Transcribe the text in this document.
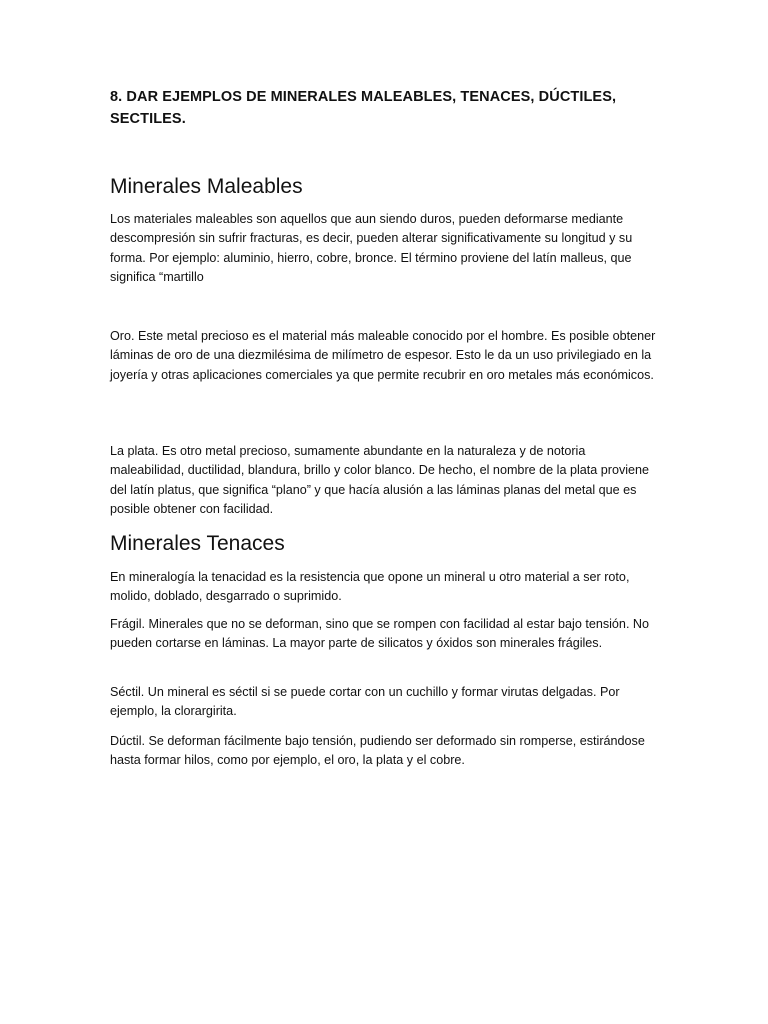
8. DAR EJEMPLOS DE MINERALES MALEABLES, TENACES, DÚCTILES, SECTILES.
Minerales Maleables
Los materiales maleables son aquellos que aun siendo duros, pueden deformarse mediante descompresión sin sufrir fracturas, es decir, pueden alterar significativamente su longitud y su forma. Por ejemplo: aluminio, hierro, cobre, bronce. El término proviene del latín malleus, que significa “martillo
Oro. Este metal precioso es el material más maleable conocido por el hombre. Es posible obtener láminas de oro de una diezmilésima de milímetro de espesor. Esto le da un uso privilegiado en la joyería y otras aplicaciones comerciales ya que permite recubrir en oro metales más económicos.
La plata. Es otro metal precioso, sumamente abundante en la naturaleza y de notoria maleabilidad, ductilidad, blandura, brillo y color blanco. De hecho, el nombre de la plata proviene del latín platus, que significa “plano” y que hacía alusión a las láminas planas del metal que es posible obtener con facilidad.
Minerales Tenaces
En mineralogía la tenacidad es la resistencia que opone un mineral u otro material a ser roto, molido, doblado, desgarrado o suprimido.
Frágil. Minerales que no se deforman, sino que se rompen con facilidad al estar bajo tensión. No pueden cortarse en láminas. La mayor parte de silicatos y óxidos son minerales frágiles.
Séctil. Un mineral es séctil si se puede cortar con un cuchillo y formar virutas delgadas. Por ejemplo, la clorargirita.
Dúctil. Se deforman fácilmente bajo tensión, pudiendo ser deformado sin romperse, estirándose hasta formar hilos, como por ejemplo, el oro, la plata y el cobre.
